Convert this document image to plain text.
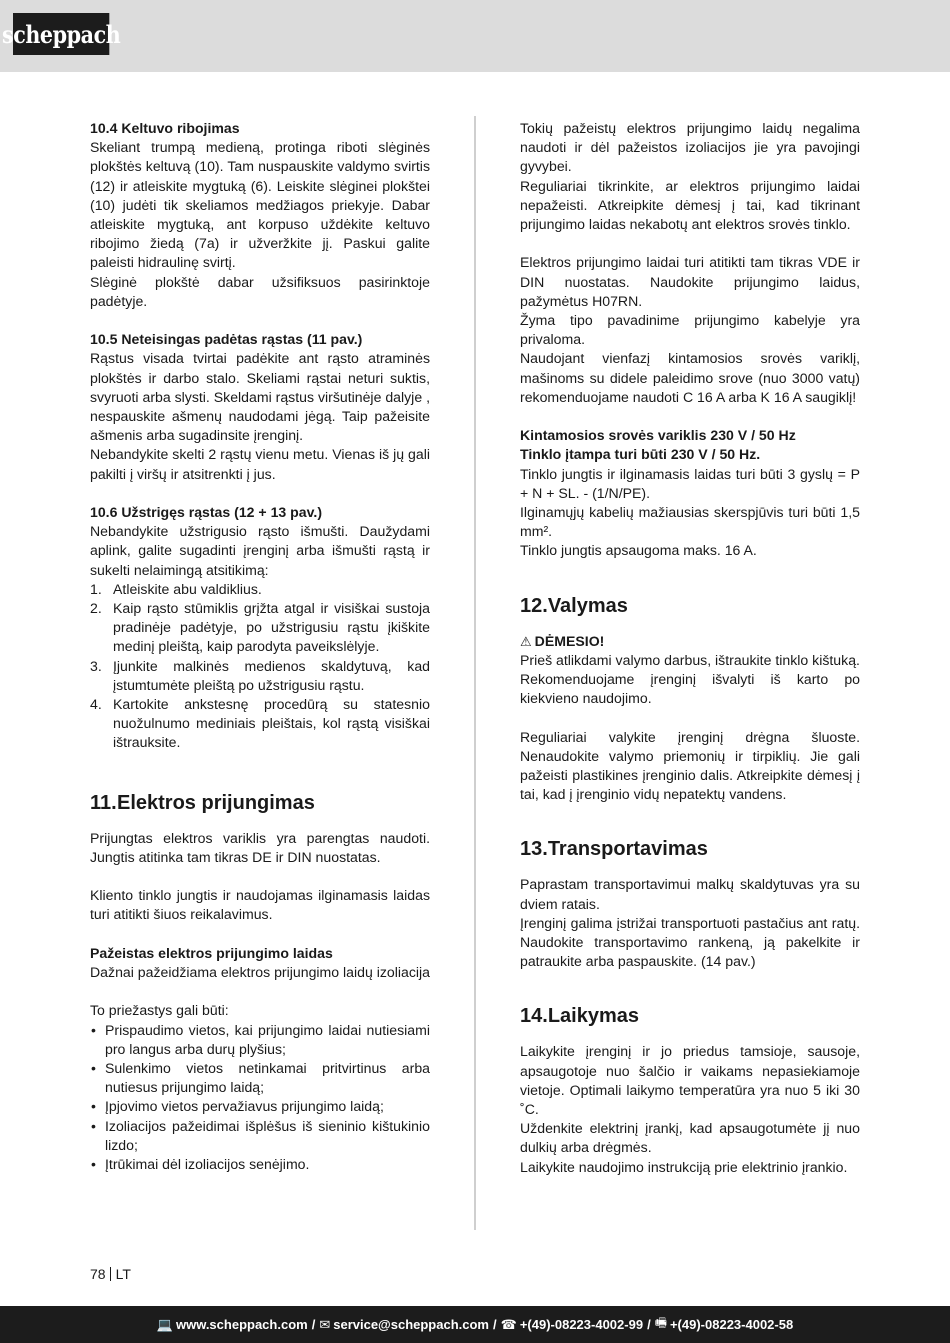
scheppach

10.4 Keltuvo ribojimas

Skeliant trumpą medieną, protinga riboti slėginės plokštės keltuvą (10). Tam nuspauskite valdymo svirtis (12) ir atleiskite mygtuką (6). Leiskite slėginei plokštei (10) judėti tik skeliamos medžiagos priekyje. Dabar atleiskite mygtuką, ant korpuso uždėkite keltuvo ribojimo žiedą (7a) ir užveržkite jį. Paskui galite paleisti hidraulinę svirtį.

Slėginė plokštė dabar užsifiksuos pasirinktoje padėtyje.

10.5 Neteisingas padėtas rąstas (11 pav.)

Rąstus visada tvirtai padėkite ant rąsto atraminės plokštės ir darbo stalo. Skeliami rąstai neturi suktis, svyruoti arba slysti. Skeldami rąstus viršutinėje dalyje , nespauskite ašmenų naudodami jėgą. Taip pažeisite ašmenis arba sugadinsite įrenginį.

Nebandykite skelti 2 rąstų vienu metu. Vienas iš jų gali pakilti į viršų ir atsitrenkti į jus.

10.6 Užstrigęs rąstas (12 + 13 pav.)

Nebandykite užstrigusio rąsto išmušti. Daužydami aplink, galite sugadinti įrenginį arba išmušti rąstą ir sukelti nelaimingą atsitikimą:

1. Atleiskite abu valdiklius.
2. Kaip rąsto stūmiklis grįžta atgal ir visiškai sustoja pradinėje padėtyje, po užstrigusiu rąstu įkiškite medinį pleištą, kaip parodyta paveikslėlyje.
3. Įjunkite malkinės medienos skaldytuvą, kad įstumtumėte pleištą po užstrigusiu rąstu.
4. Kartokite ankstesnę procedūrą su statesnio nuožulnumo mediniais pleištais, kol rąstą visiškai ištrauksite.
11.Elektros prijungimas

Prijungtas elektros variklis yra parengtas naudoti. Jungtis atitinka tam tikras DE ir DIN nuostatas.

Kliento tinklo jungtis ir naudojamas ilginamasis laidas turi atitikti šiuos reikalavimus.

Pažeistas elektros prijungimo laidas

Dažnai pažeidžiama elektros prijungimo laidų izoliacija

To priežastys gali būti:

• Prispaudimo vietos, kai prijungimo laidai nutiesiami pro langus arba durų plyšius;
• Sulenkimo vietos netinkamai pritvirtinus arba nutiesus prijungimo laidą;
• Įpjovimo vietos pervažiavus prijungimo laidą;
• Izoliacijos pažeidimai išplėšus iš sieninio kištukinio lizdo;
• Įtrūkimai dėl izoliacijos senėjimo.

Tokių pažeistų elektros prijungimo laidų negalima naudoti ir dėl pažeistos izoliacijos jie yra pavojingi gyvybei.

Reguliariai tikrinkite, ar elektros prijungimo laidai nepažeisti. Atkreipkite dėmesį į tai, kad tikrinant prijungimo laidas nekabotų ant elektros srovės tinklo.

Elektros prijungimo laidai turi atitikti tam tikras VDE ir DIN nuostatas. Naudokite prijungimo laidus, pažymėtus H07RN.

Žyma tipo pavadinime prijungimo kabelyje yra privaloma.

Naudojant vienfazį kintamosios srovės variklį, mašinoms su didele paleidimo srove (nuo 3000 vatų) rekomenduojame naudoti C 16 A arba K 16 A saugiklį!

Kintamosios srovės variklis 230 V / 50 Hz

Tinklo įtampa turi būti 230 V / 50 Hz.

Tinklo jungtis ir ilginamasis laidas turi būti 3 gyslų = P + N + SL. - (1/N/PE).

Ilginamųjų kabelių mažiausias skerspjūvis turi būti 1,5 mm².

Tinklo jungtis apsaugoma maks. 16 A.

12.Valymas

⚠ DĖMESIO!

Prieš atlikdami valymo darbus, ištraukite tinklo kištuką.

Rekomenduojame įrenginį išvalyti iš karto po kiekvieno naudojimo.

Reguliariai valykite įrenginį drėgna šluoste. Nenaudokite valymo priemonių ir tirpiklių. Jie gali pažeisti plastikines įrenginio dalis. Atkreipkite dėmesį į tai, kad į įrenginio vidų nepatektų vandens.

13.Transportavimas

Paprastam transportavimui malkų skaldytuvas yra su dviem ratais.

Įrenginį galima įstrižai transportuoti pastačius ant ratų. Naudokite transportavimo rankeną, ją pakelkite ir patraukite arba paspauskite. (14 pav.)

14.Laikymas

Laikykite įrenginį ir jo priedus tamsioje, sausoje, apsaugotoje nuo šalčio ir vaikams nepasiekiamoje vietoje. Optimali laikymo temperatūra yra nuo 5 iki 30 ˚C.

Uždenkite elektrinį įrankį, kad apsaugotumėte jį nuo dulkių arba drėgmės.

Laikykite naudojimo instrukciją prie elektrinio įrankio.

78 LT
💻 www.scheppach.com / ✉ service@scheppach.com / ☎ +(49)-08223-4002-99 / 🖷 +(49)-08223-4002-58
